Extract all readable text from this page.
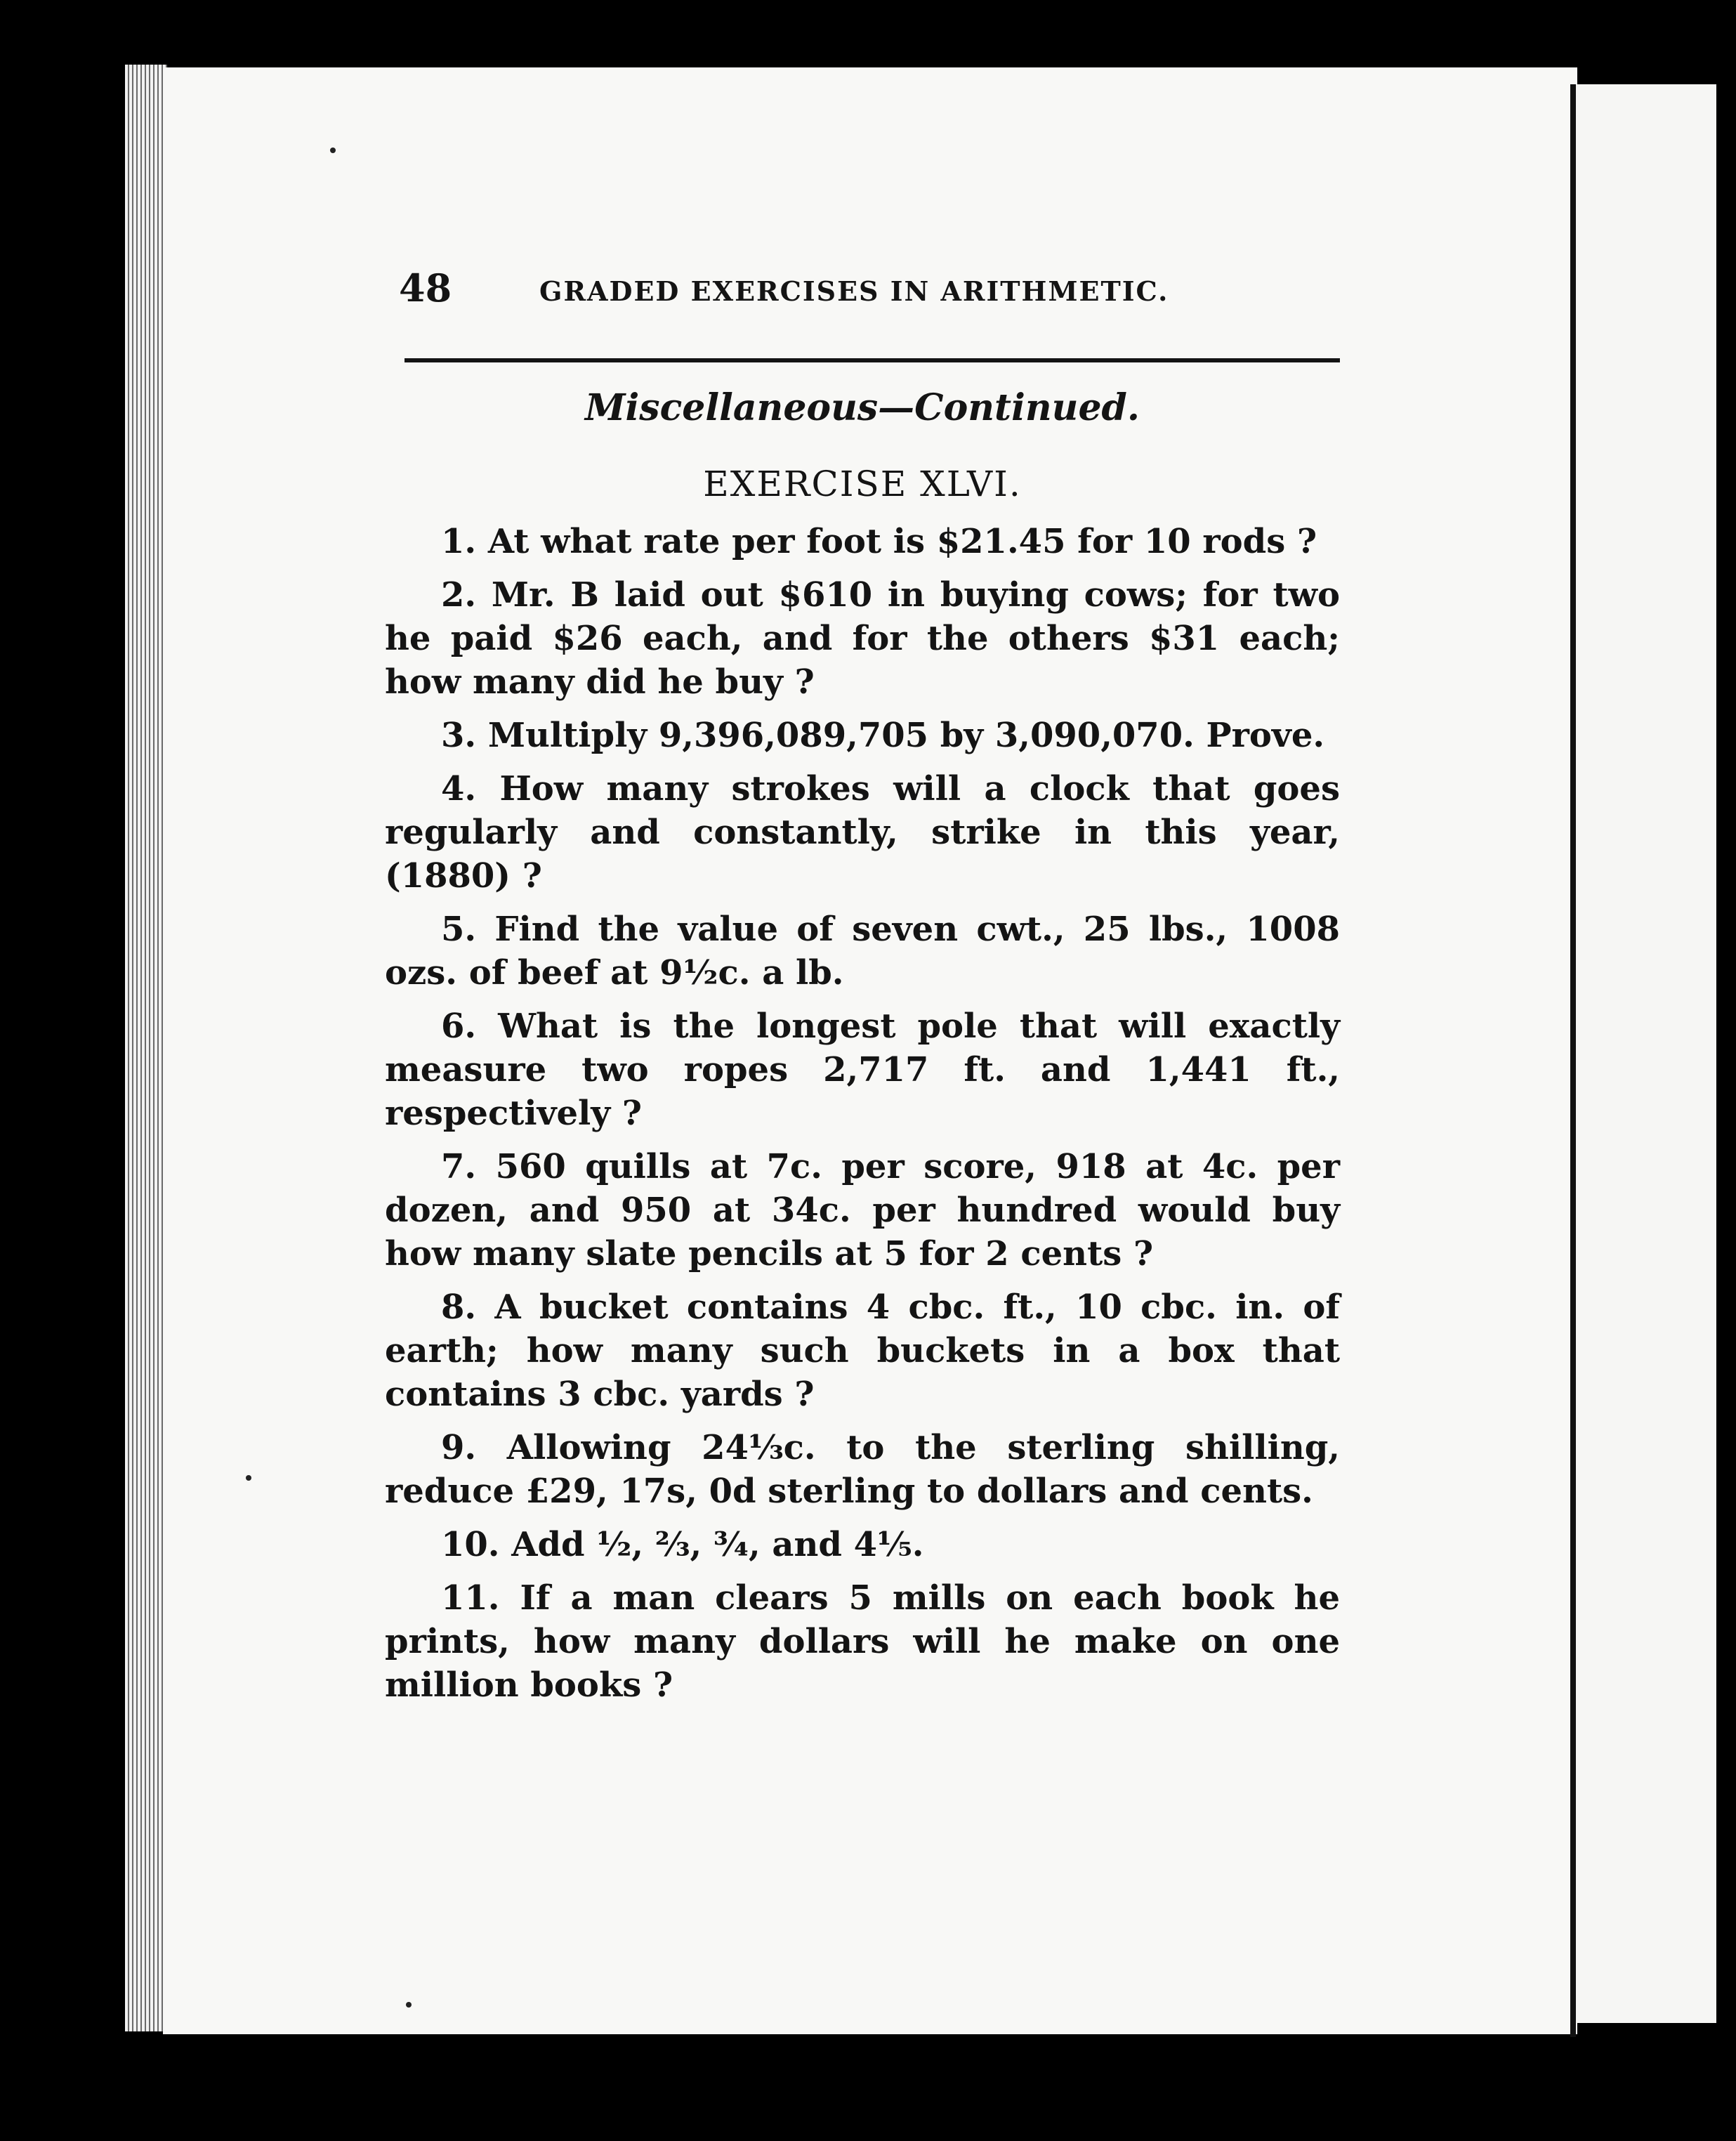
48	GRADED EXERCISES IN ARITHMETIC.
Miscellaneous—Continued.
EXERCISE XLVI.

1. At what rate per foot is $21.45 for 10 rods ?

2. Mr. B laid out $610 in buying cows; for two he paid $26 each, and for the others $31 each; how many did he buy ?

3. Multiply 9,396,089,705 by 3,090,070. Prove.

4. How many strokes will a clock that goes regularly and constantly, strike in this year, (1880) ?

5. Find the value of seven cwt., 25 lbs., 1008 ozs. of beef at 9½c. a lb.

6. What is the longest pole that will exactly measure two ropes 2,717 ft. and 1,441 ft., respectively ?

7. 560 quills at 7c. per score, 918 at 4c. per dozen, and 950 at 34c. per hundred would buy how many slate pencils at 5 for 2 cents ?

8. A bucket contains 4 cbc. ft., 10 cbc. in. of earth; how many such buckets in a box that contains 3 cbc. yards ?

9. Allowing 24⅓c. to the sterling shilling, reduce £29, 17s, 0d sterling to dollars and cents.

10. Add ½, ⅔, ¾, and 4⅕.

11. If a man clears 5 mills on each book he prints, how many dollars will he make on one million books ?
